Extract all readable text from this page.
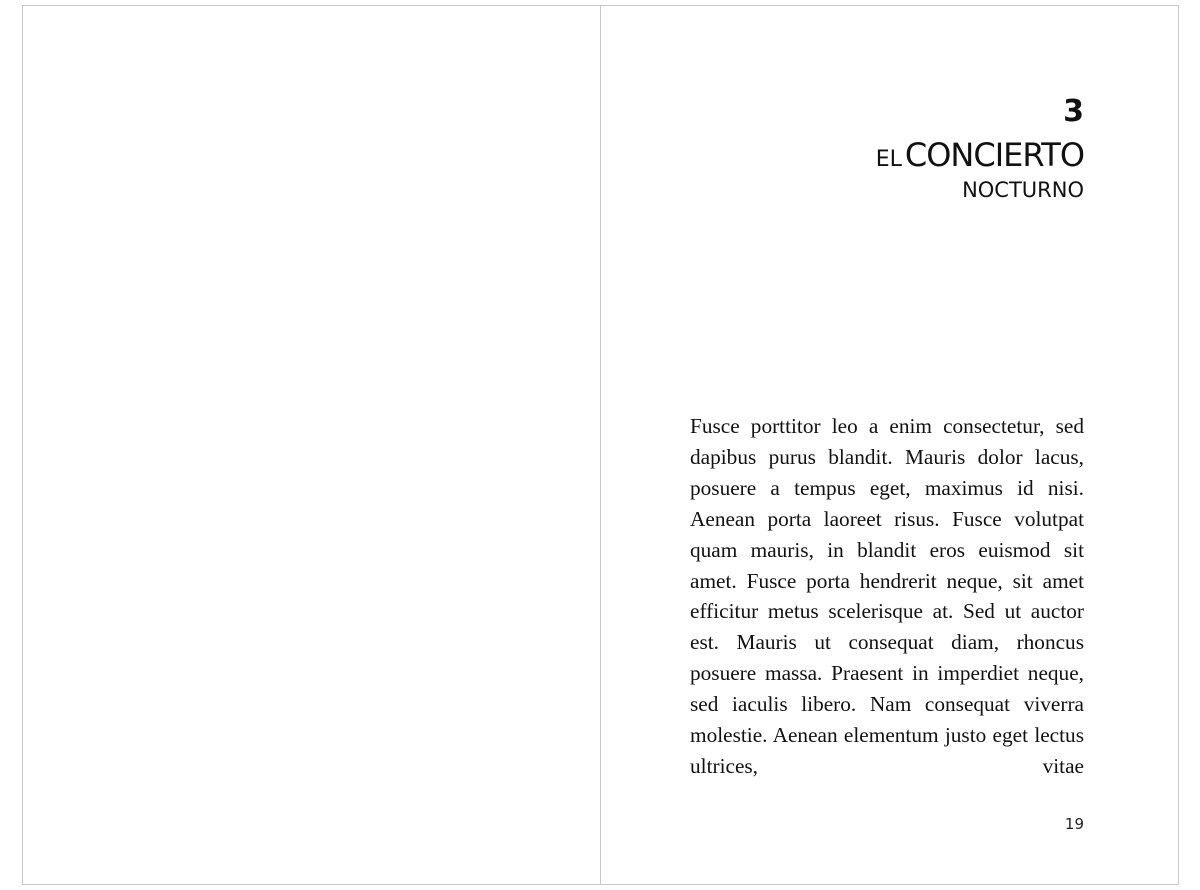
3
ELCONCIERTO
NOCTURNO

Fusce porttitor leo a enim consectetur, sed dapibus purus blandit. Mauris dolor lacus, posuere a tempus eget, maximus id nisi. Aenean porta laoreet risus. Fusce volutpat quam mauris, in blandit eros euismod sit amet. Fusce porta hendrerit neque, sit amet efficitur metus scelerisque at. Sed ut auctor est. Mauris ut consequat diam, rhoncus posuere massa. Praesent in imperdiet neque, sed iaculis libero. Nam consequat viverra molestie. Aenean elementum justo eget lectus ultrices, vitae

19
